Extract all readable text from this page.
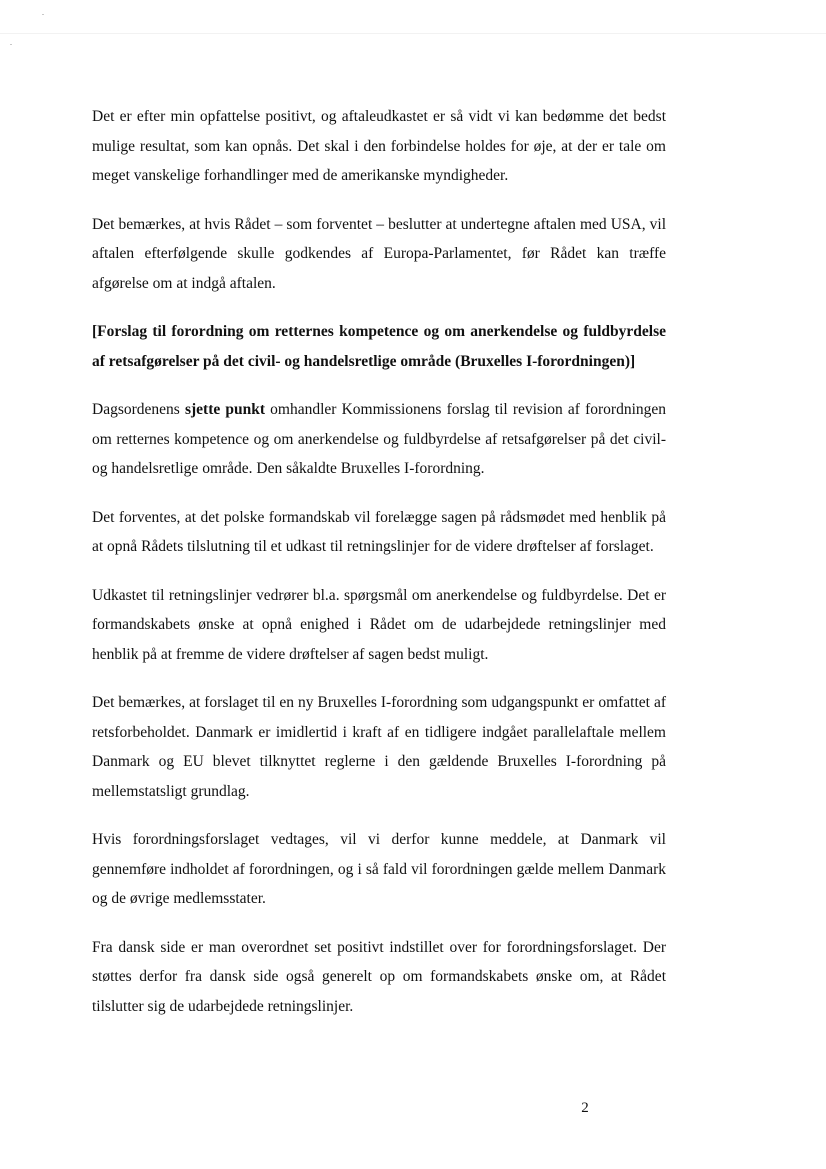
Det er efter min opfattelse positivt, og aftaleudkastet er så vidt vi kan bedømme det bedst mulige resultat, som kan opnås. Det skal i den forbindelse holdes for øje, at der er tale om meget vanskelige forhandlinger med de amerikanske myndigheder.

Det bemærkes, at hvis Rådet – som forventet – beslutter at undertegne aftalen med USA, vil aftalen efterfølgende skulle godkendes af Europa-Parlamentet, før Rådet kan træffe afgørelse om at indgå aftalen.

[Forslag til forordning om retternes kompetence og om anerkendelse og fuldbyrdelse af retsafgørelser på det civil- og handelsretlige område (Bruxelles I-forordningen)]

Dagsordenens sjette punkt omhandler Kommissionens forslag til revision af forordningen om retternes kompetence og om anerkendelse og fuldbyrdelse af retsafgørelser på det civil- og handelsretlige område. Den såkaldte Bruxelles I-forordning.

Det forventes, at det polske formandskab vil forelægge sagen på rådsmødet med henblik på at opnå Rådets tilslutning til et udkast til retningslinjer for de videre drøftelser af forslaget.

Udkastet til retningslinjer vedrører bl.a. spørgsmål om anerkendelse og fuldbyrdelse. Det er formandskabets ønske at opnå enighed i Rådet om de udarbejdede retningslinjer med henblik på at fremme de videre drøftelser af sagen bedst muligt.

Det bemærkes, at forslaget til en ny Bruxelles I-forordning som udgangspunkt er omfattet af retsforbeholdet. Danmark er imidlertid i kraft af en tidligere indgået parallelaftale mellem Danmark og EU blevet tilknyttet reglerne i den gældende Bruxelles I-forordning på mellemstatsligt grundlag.

Hvis forordningsforslaget vedtages, vil vi derfor kunne meddele, at Danmark vil gennemføre indholdet af forordningen, og i så fald vil forordningen gælde mellem Danmark og de øvrige medlemsstater.

Fra dansk side er man overordnet set positivt indstillet over for forordningsforslaget. Der støttes derfor fra dansk side også generelt op om formandskabets ønske om, at Rådet tilslutter sig de udarbejdede retningslinjer.

2
